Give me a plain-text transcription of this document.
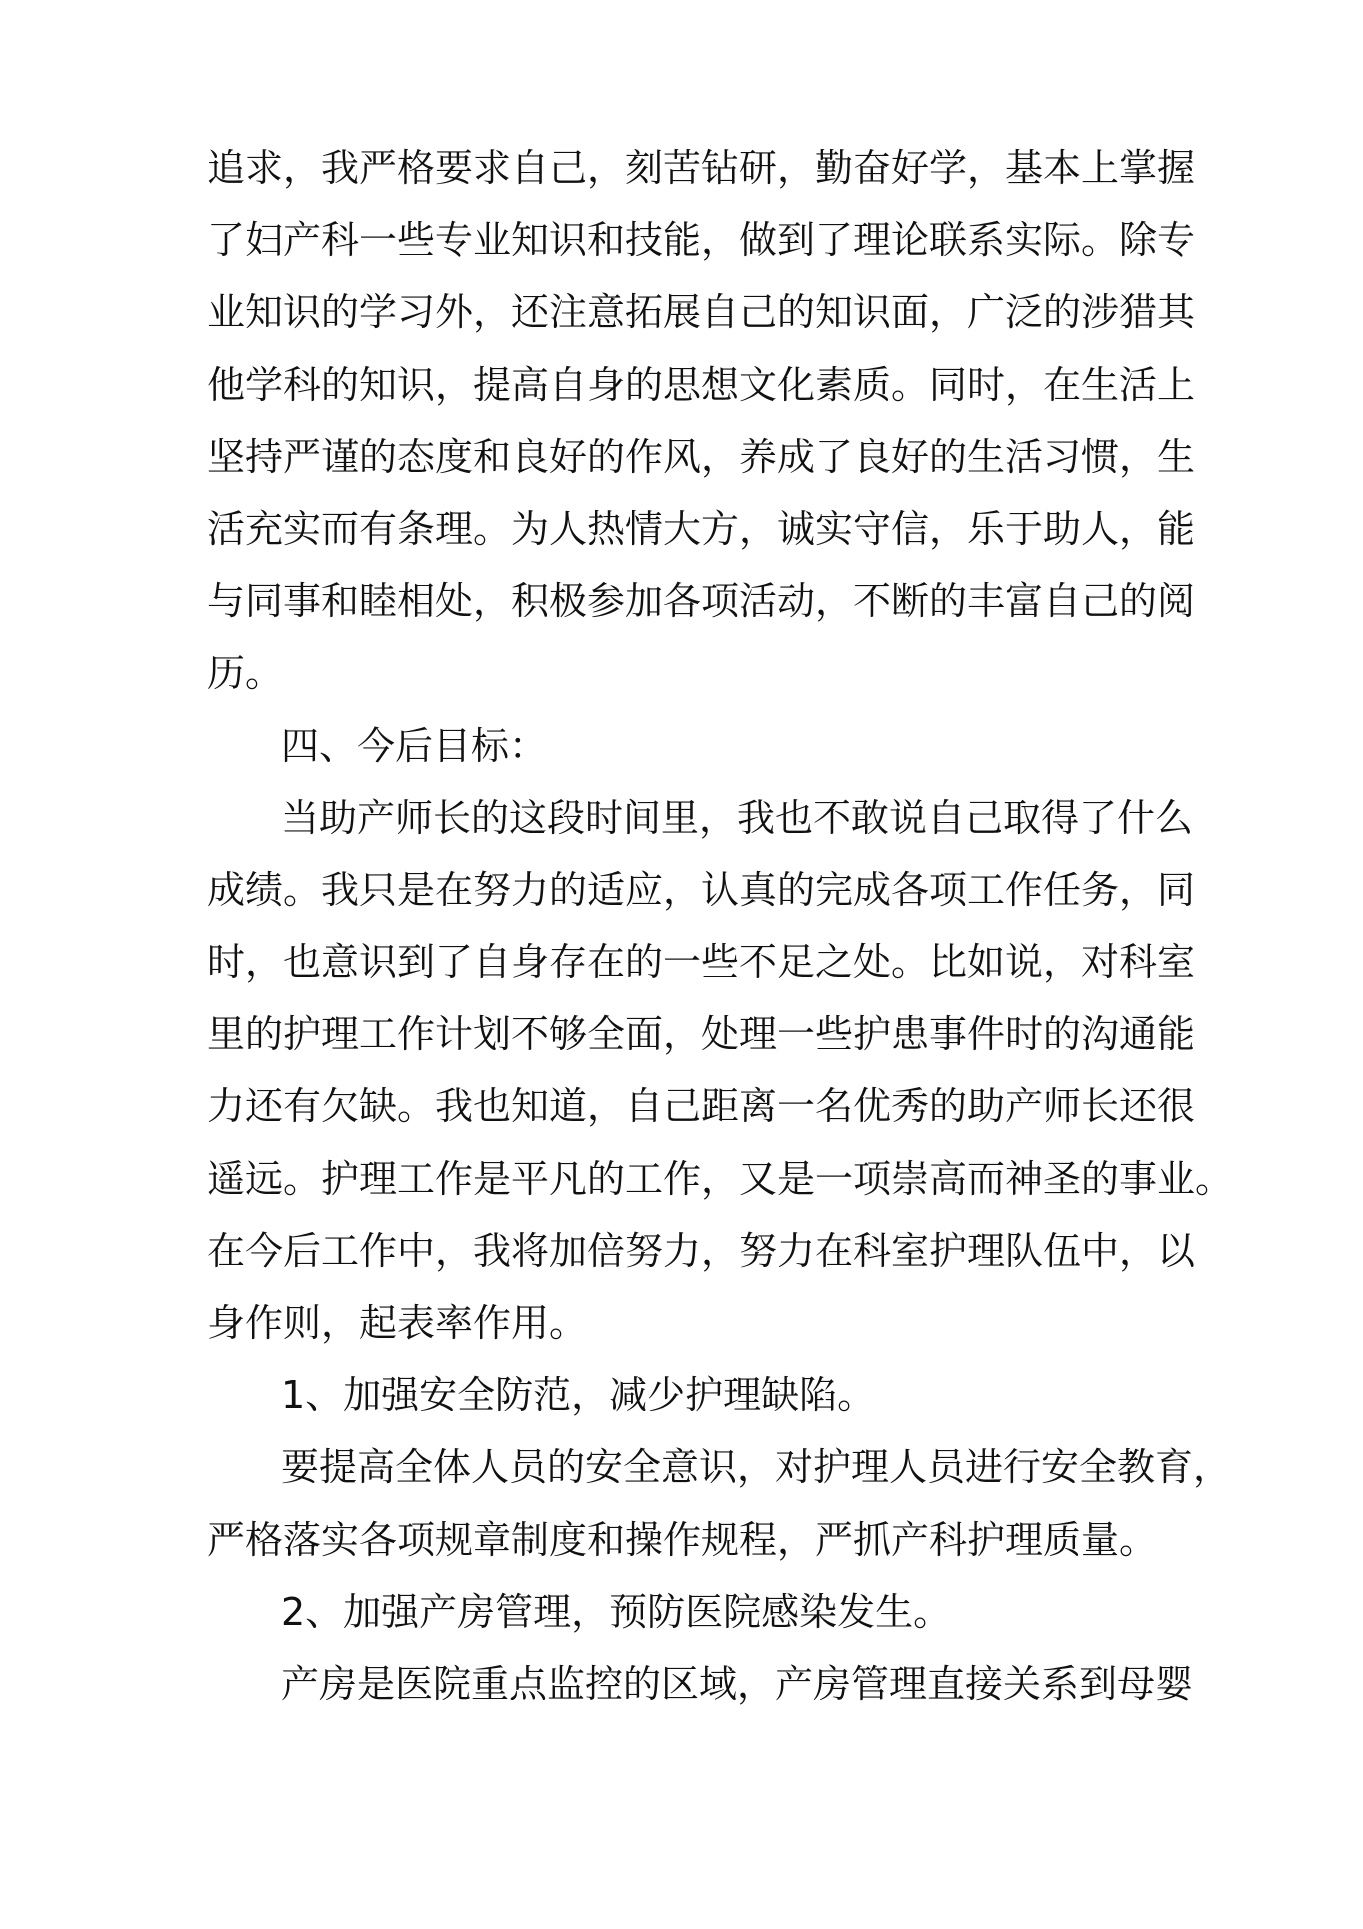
追求，我严格要求自己，刻苦钻研，勤奋好学，基本上掌握
了妇产科一些专业知识和技能，做到了理论联系实际。除专
业知识的学习外，还注意拓展自己的知识面，广泛的涉猎其
他学科的知识，提高自身的思想文化素质。同时，在生活上
坚持严谨的态度和良好的作风，养成了良好的生活习惯，生
活充实而有条理。为人热情大方，诚实守信，乐于助人，能
与同事和睦相处，积极参加各项活动，不断的丰富自己的阅
历。
四、今后目标：
当助产师长的这段时间里，我也不敢说自己取得了什么
成绩。我只是在努力的适应，认真的完成各项工作任务，同
时，也意识到了自身存在的一些不足之处。比如说，对科室
里的护理工作计划不够全面，处理一些护患事件时的沟通能
力还有欠缺。我也知道，自己距离一名优秀的助产师长还很
遥远。护理工作是平凡的工作，又是一项崇高而神圣的事业。
在今后工作中，我将加倍努力，努力在科室护理队伍中，以
身作则，起表率作用。
1、加强安全防范，减少护理缺陷。
要提高全体人员的安全意识，对护理人员进行安全教育，
严格落实各项规章制度和操作规程，严抓产科护理质量。
2、加强产房管理，预防医院感染发生。
产房是医院重点监控的区域，产房管理直接关系到母婴
